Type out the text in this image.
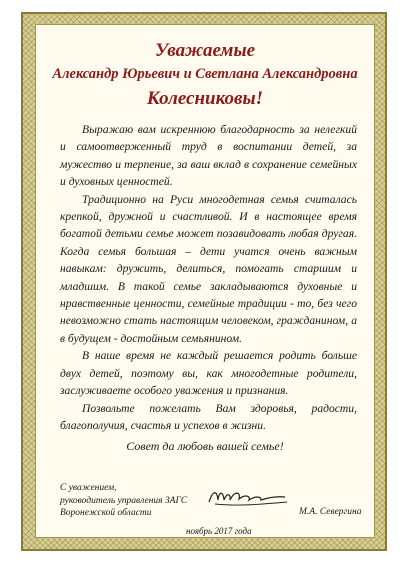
Уважаемые
Александр Юрьевич и Светлана Александровна
Колесниковы!

Выражаю вам искреннюю благодарность за нелегкий и самоотверженный труд в воспитании детей, за мужество и терпение, за ваш вклад в сохранение семейных и духовных ценностей.

Традиционно на Руси многодетная семья считалась крепкой, дружной и счастливой. И в настоящее время богатой детьми семье может позавидовать любая другая. Когда семья большая – дети учатся очень важным навыкам: дружить, делиться, помогать старшим и младшим. В такой семье закладываются духовные и нравственные ценности, семейные традиции - то, без чего невозможно стать настоящим человеком, гражданином, а в будущем - достойным семьянином.

В наше время не каждый решается родить больше двух детей, поэтому вы, как многодетные родители, заслуживаете особого уважения и признания.

Позвольте пожелать Вам здоровья, радости, благополучия, счастья и успехов в жизни.

Совет да любовь вашей семье!
С уважением,
руководитель управления ЗАГС
Воронежской области	М.А. Севергина
ноябрь 2017 года
